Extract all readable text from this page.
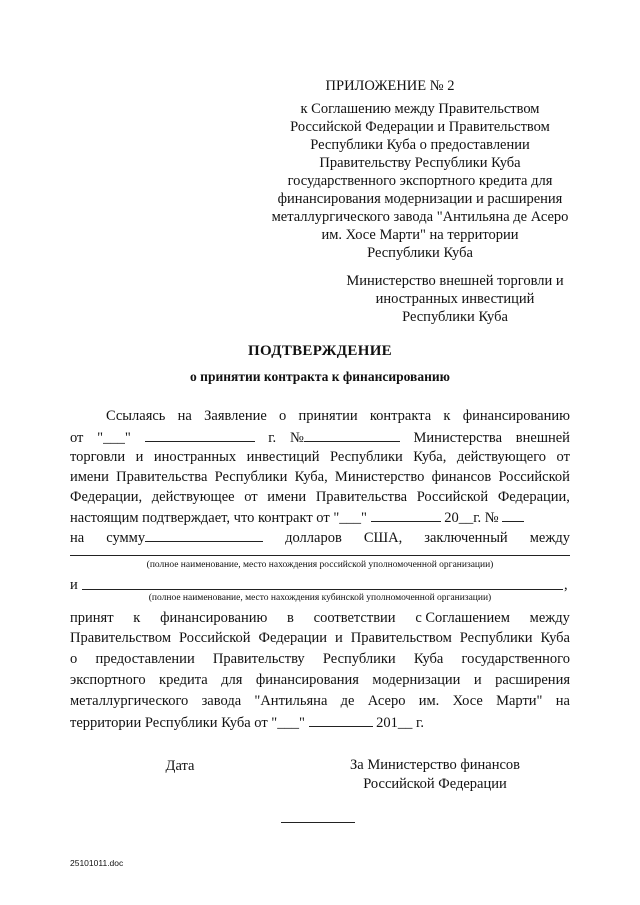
ПРИЛОЖЕНИЕ № 2
к Соглашению между Правительством
Российской Федерации и Правительством
Республики Куба о предоставлении
Правительству Республики Куба
государственного экспортного кредита для
финансирования модернизации и расширения
металлургического завода "Антильяна де Асеро
им. Хосе Марти" на территории
Республики Куба
Министерство внешней торговли и
иностранных инвестиций
Республики Куба
ПОДТВЕРЖДЕНИЕ
о принятии контракта к финансированию
Ссылаясь на Заявление о принятии контракта к финансированию
от "___"	г. №	Министерства внешней
торговли и иностранных инвестиций Республики Куба, действующего от
имени Правительства Республики Куба, Министерство финансов Российской
Федерации, действующее от имени Правительства Российской Федерации,
настоящим подтверждает, что контракт от "___"	20__г. №
на сумму	долларов США, заключенный между
(полное наименование, место нахождения российской уполномоченной организации)
и	,
(полное наименование, место нахождения кубинской уполномоченной организации)
принят к финансированию в соответствии с Соглашением между
Правительством Российской Федерации и Правительством Республики Куба
о предоставлении Правительству Республики Куба государственного
экспортного кредита для финансирования модернизации и расширения
металлургического завода "Антильяна де Асеро им. Хосе Марти" на
территории Республики Куба от "___"	201__ г.
Дата	За Министерство финансов
Российской Федерации
25101011.doc
